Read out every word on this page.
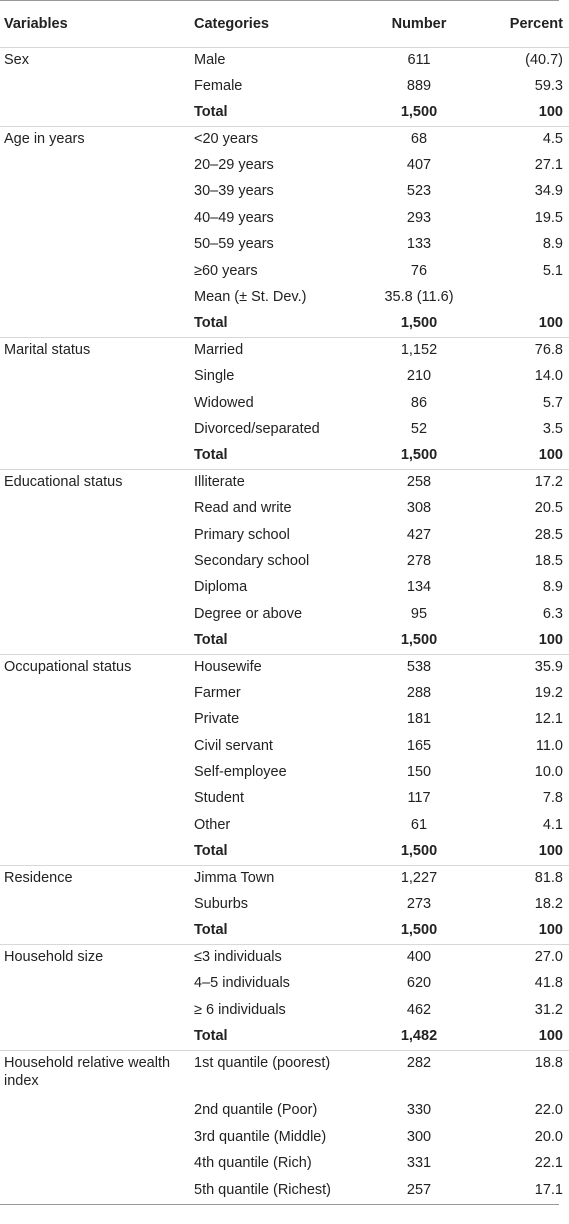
Variables	Categories	Number	Percent
Sex	Male	611	(40.7)
	Female	889	59.3
	Total	1,500	100
Age in years	<20 years	68	4.5
	20–29 years	407	27.1
	30–39 years	523	34.9
	40–49 years	293	19.5
	50–59 years	133	8.9
	≥60 years	76	5.1
	Mean (± St. Dev.)	35.8 (11.6)	
	Total	1,500	100
Marital status	Married	1,152	76.8
	Single	210	14.0
	Widowed	86	5.7
	Divorced/separated	52	3.5
	Total	1,500	100
Educational status	Illiterate	258	17.2
	Read and write	308	20.5
	Primary school	427	28.5
	Secondary school	278	18.5
	Diploma	134	8.9
	Degree or above	95	6.3
	Total	1,500	100
Occupational status	Housewife	538	35.9
	Farmer	288	19.2
	Private	181	12.1
	Civil servant	165	11.0
	Self-employee	150	10.0
	Student	117	7.8
	Other	61	4.1
	Total	1,500	100
Residence	Jimma Town	1,227	81.8
	Suburbs	273	18.2
	Total	1,500	100
Household size	≤3 individuals	400	27.0
	4–5 individuals	620	41.8
	≥ 6 individuals	462	31.2
	Total	1,482	100
Household relative wealth index	1st quantile (poorest)	282	18.8
	2nd quantile (Poor)	330	22.0
	3rd quantile (Middle)	300	20.0
	4th quantile (Rich)	331	22.1
	5th quantile (Richest)	257	17.1
